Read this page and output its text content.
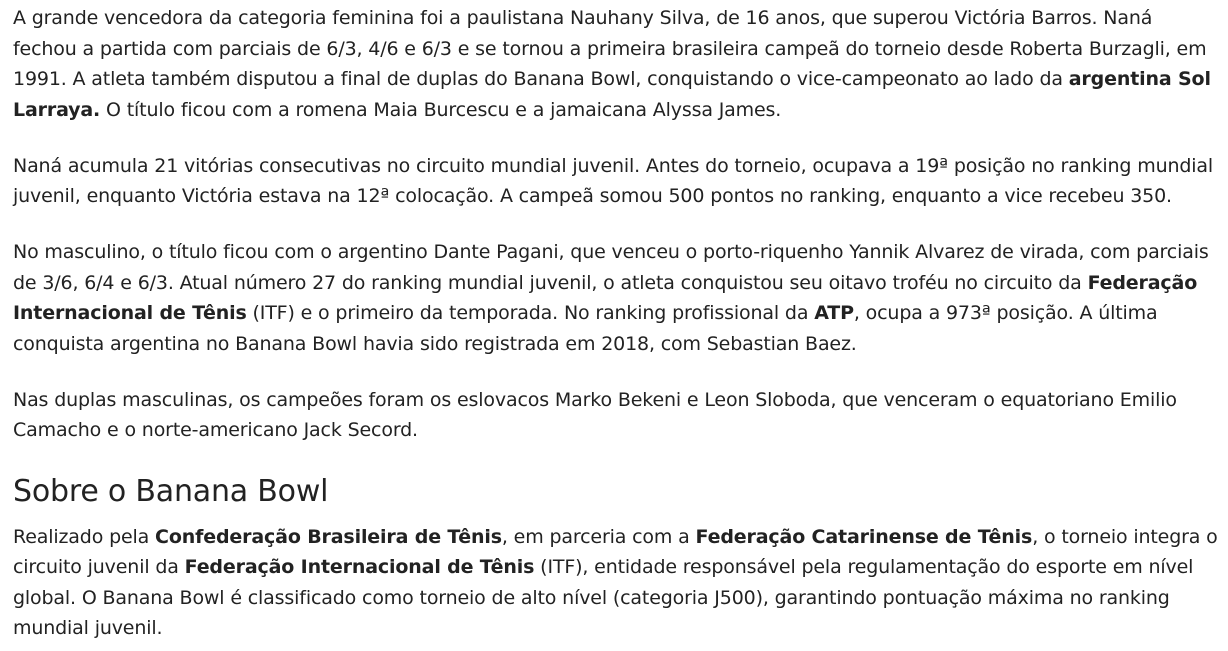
A grande vencedora da categoria feminina foi a paulistana Nauhany Silva, de 16 anos, que superou Victória Barros. Naná fechou a partida com parciais de 6/3, 4/6 e 6/3 e se tornou a primeira brasileira campeã do torneio desde Roberta Burzagli, em 1991. A atleta também disputou a final de duplas do Banana Bowl, conquistando o vice-campeonato ao lado da argentina Sol Larraya. O título ficou com a romena Maia Burcescu e a jamaicana Alyssa James.

Naná acumula 21 vitórias consecutivas no circuito mundial juvenil. Antes do torneio, ocupava a 19ª posição no ranking mundial juvenil, enquanto Victória estava na 12ª colocação. A campeã somou 500 pontos no ranking, enquanto a vice recebeu 350.

No masculino, o título ficou com o argentino Dante Pagani, que venceu o porto-riquenho Yannik Alvarez de virada, com parciais de 3/6, 6/4 e 6/3. Atual número 27 do ranking mundial juvenil, o atleta conquistou seu oitavo troféu no circuito da Federação Internacional de Tênis (ITF) e o primeiro da temporada. No ranking profissional da ATP, ocupa a 973ª posição. A última conquista argentina no Banana Bowl havia sido registrada em 2018, com Sebastian Baez.

Nas duplas masculinas, os campeões foram os eslovacos Marko Bekeni e Leon Sloboda, que venceram o equatoriano Emilio Camacho e o norte-americano Jack Secord.

Sobre o Banana Bowl

Realizado pela Confederação Brasileira de Tênis, em parceria com a Federação Catarinense de Tênis, o torneio integra o circuito juvenil da Federação Internacional de Tênis (ITF), entidade responsável pela regulamentação do esporte em nível global. O Banana Bowl é classificado como torneio de alto nível (categoria J500), garantindo pontuação máxima no ranking mundial juvenil.
